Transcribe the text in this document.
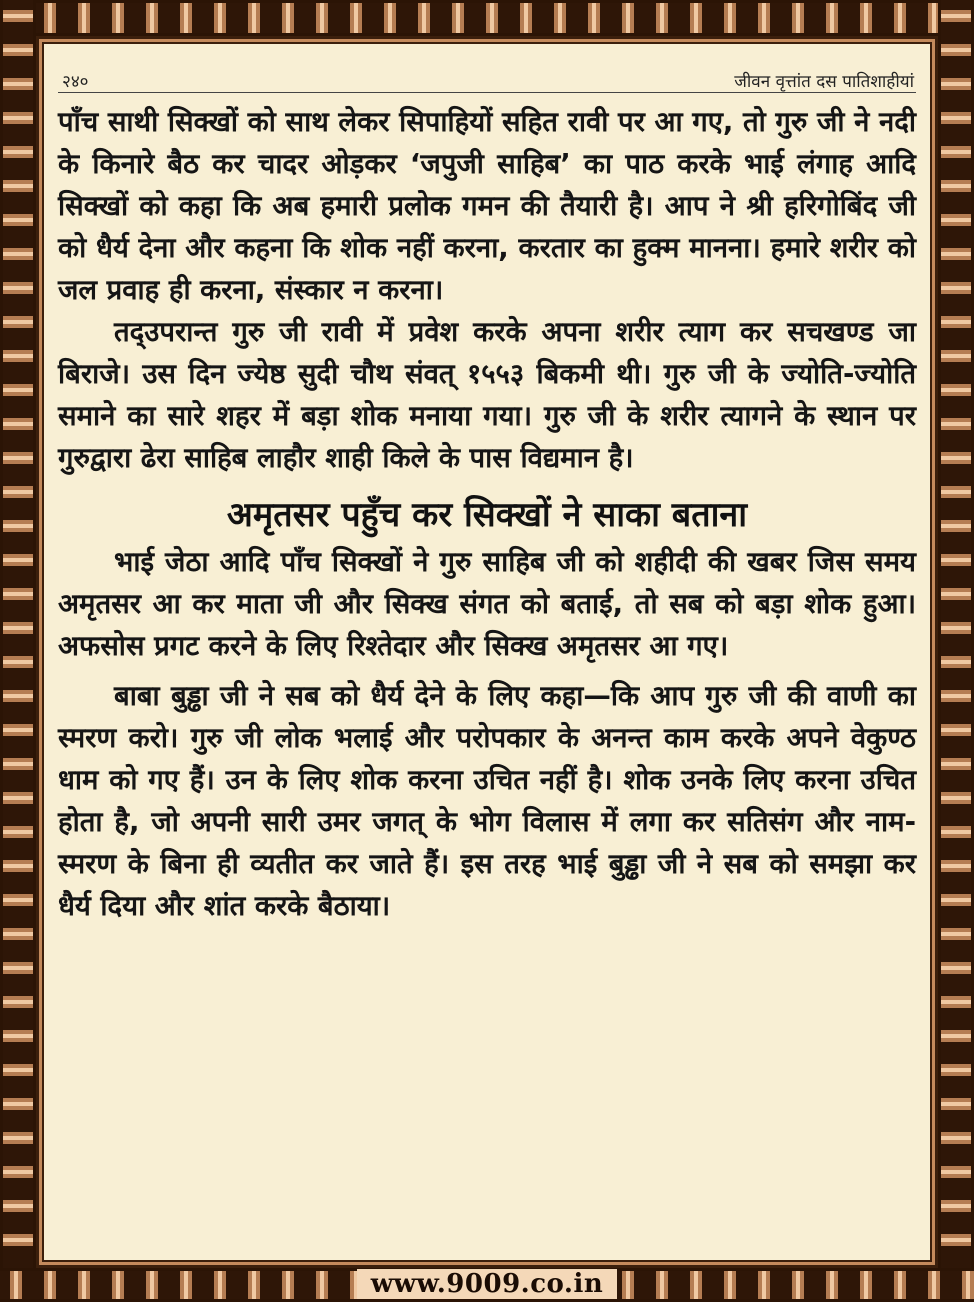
२४०	जीवन वृत्तांत दस पातिशाहीयां

पाँच साथी सिक्खों को साथ लेकर सिपाहियों सहित रावी पर आ गए, तो गुरु जी ने नदी के किनारे बैठ कर चादर ओड़कर ‘जपुजी साहिब’ का पाठ करके भाई लंगाह आदि सिक्खों को कहा कि अब हमारी प्रलोक गमन की तैयारी है। आप ने श्री हरिगोबिंद जी को धैर्य देना और कहना कि शोक नहीं करना, करतार का हुक्म मानना। हमारे शरीर को जल प्रवाह ही करना, संस्कार न करना।

तद्उपरान्त गुरु जी रावी में प्रवेश करके अपना शरीर त्याग कर सचखण्ड जा बिराजे। उस दिन ज्येष्ठ सुदी चौथ संवत् १५५३ बिकमी थी। गुरु जी के ज्योति-ज्योति समाने का सारे शहर में बड़ा शोक मनाया गया। गुरु जी के शरीर त्यागने के स्थान पर गुरुद्वारा ढेरा साहिब लाहौर शाही किले के पास विद्यमान है।

अमृतसर पहुँच कर सिक्खों ने साका बताना

भाई जेठा आदि पाँच सिक्खों ने गुरु साहिब जी को शहीदी की खबर जिस समय अमृतसर आ कर माता जी और सिक्ख संगत को बताई, तो सब को बड़ा शोक हुआ। अफसोस प्रगट करने के लिए रिश्तेदार और सिक्ख अमृतसर आ गए।

बाबा बुड्ढा जी ने सब को धैर्य देने के लिए कहा—कि आप गुरु जी की वाणी का स्मरण करो। गुरु जी लोक भलाई और परोपकार के अनन्त काम करके अपने वेकुण्ठ धाम को गए हैं। उन के लिए शोक करना उचित नहीं है। शोक उनके लिए करना उचित होता है, जो अपनी सारी उमर जगत् के भोग विलास में लगा कर सतिसंग और नाम-स्मरण के बिना ही व्यतीत कर जाते हैं। इस तरह भाई बुड्ढा जी ने सब को समझा कर धैर्य दिया और शांत करके बैठाया।

www.9009.co.in
